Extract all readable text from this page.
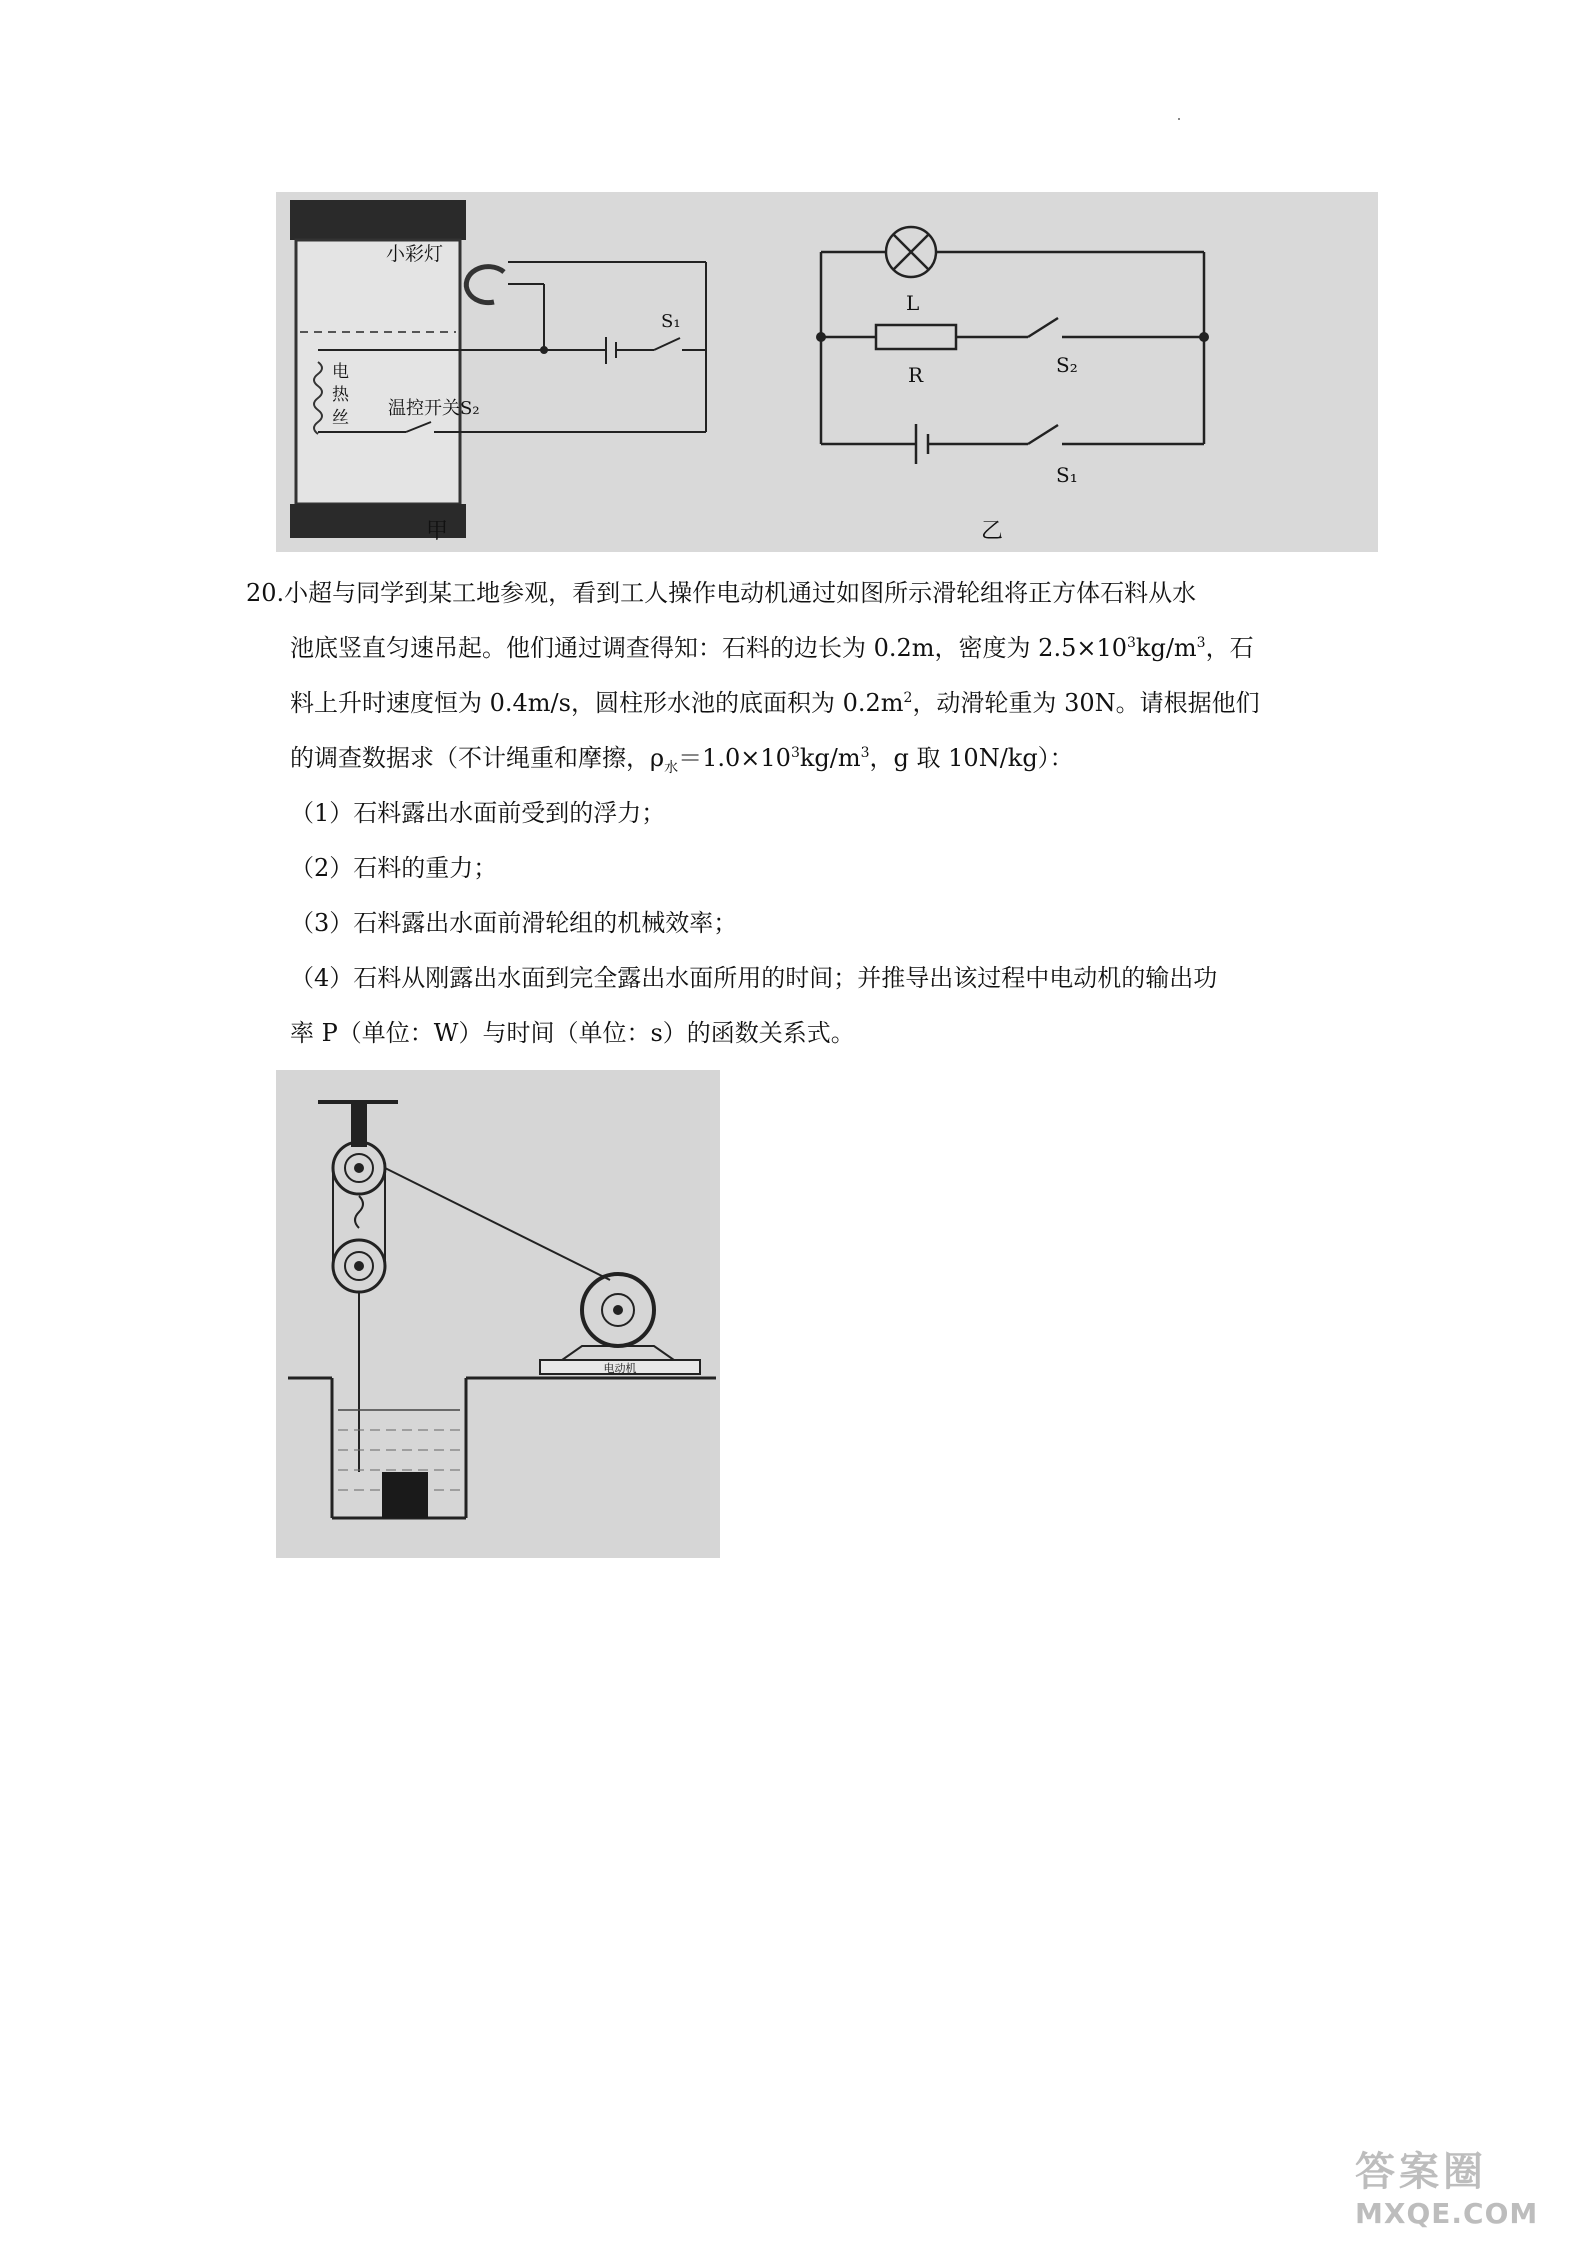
小彩灯
S₁
电
热
丝 温控开关S₂
甲
L
R	S₂
S₁
乙
20.小超与同学到某工地参观，看到工人操作电动机通过如图所示滑轮组将正方体石料从水
池底竖直匀速吊起。他们通过调查得知：石料的边长为 0.2m，密度为 $2.5\times 10^3kg/m^3$，石
料上升时速度恒为 0.4m/s，圆柱形水池的底面积为 $0.2m^2$，动滑轮重为 30N。请根据他们
的调查数据求（不计绳重和摩擦，$\rho_水=1.0\times 10^3kg/m^3$，g 取 10N/kg）：
（1）石料露出水面前受到的浮力；
（2）石料的重力；
（3）石料露出水面前滑轮组的机械效率；
（4）石料从刚露出水面到完全露出水面所用的时间；并推导出该过程中电动机的输出功
率 P（单位：W）与时间（单位：s）的函数关系式。
电动机
答案圈
MXQE.COM
